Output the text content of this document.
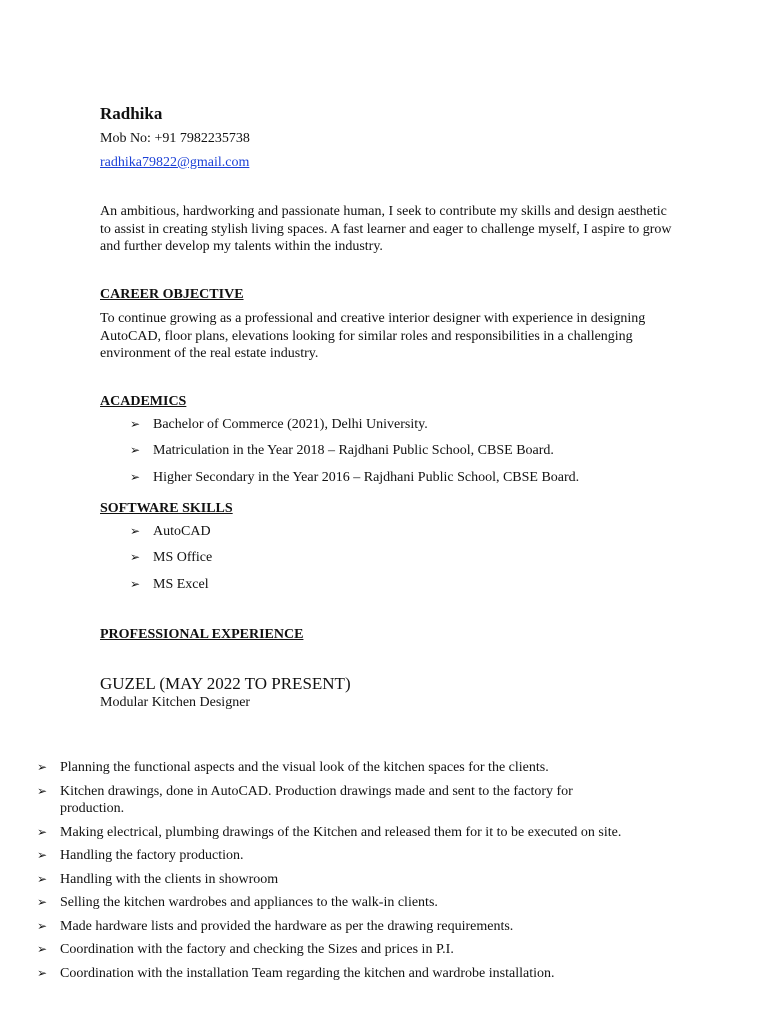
Radhika
Mob No: +91 7982235738
radhika79822@gmail.com
An ambitious, hardworking and passionate human, I seek to contribute my skills and design aesthetic to assist in creating stylish living spaces. A fast learner and eager to challenge myself, I aspire to grow and further develop my talents within the industry.
CAREER OBJECTIVE
To continue growing as a professional and creative interior designer with experience in designing AutoCAD, floor plans, elevations looking for similar roles and responsibilities in a challenging environment of the real estate industry.
ACADEMICS
➢ Bachelor of Commerce (2021), Delhi University.
➢ Matriculation in the Year 2018 – Rajdhani Public School, CBSE Board.
➢ Higher Secondary in the Year 2016 – Rajdhani Public School, CBSE Board.
SOFTWARE SKILLS
➢ AutoCAD
➢ MS Office
➢ MS Excel
PROFESSIONAL EXPERIENCE
GUZEL (MAY 2022 TO PRESENT)
Modular Kitchen Designer
➢ Planning the functional aspects and the visual look of the kitchen spaces for the clients.
➢ Kitchen drawings, done in AutoCAD. Production drawings made and sent to the factory for production.
➢ Making electrical, plumbing drawings of the Kitchen and released them for it to be executed on site.
➢ Handling the factory production.
➢ Handling with the clients in showroom
➢ Selling the kitchen wardrobes and appliances to the walk-in clients.
➢ Made hardware lists and provided the hardware as per the drawing requirements.
➢ Coordination with the factory and checking the Sizes and prices in P.I.
➢ Coordination with the installation Team regarding the kitchen and wardrobe installation.
